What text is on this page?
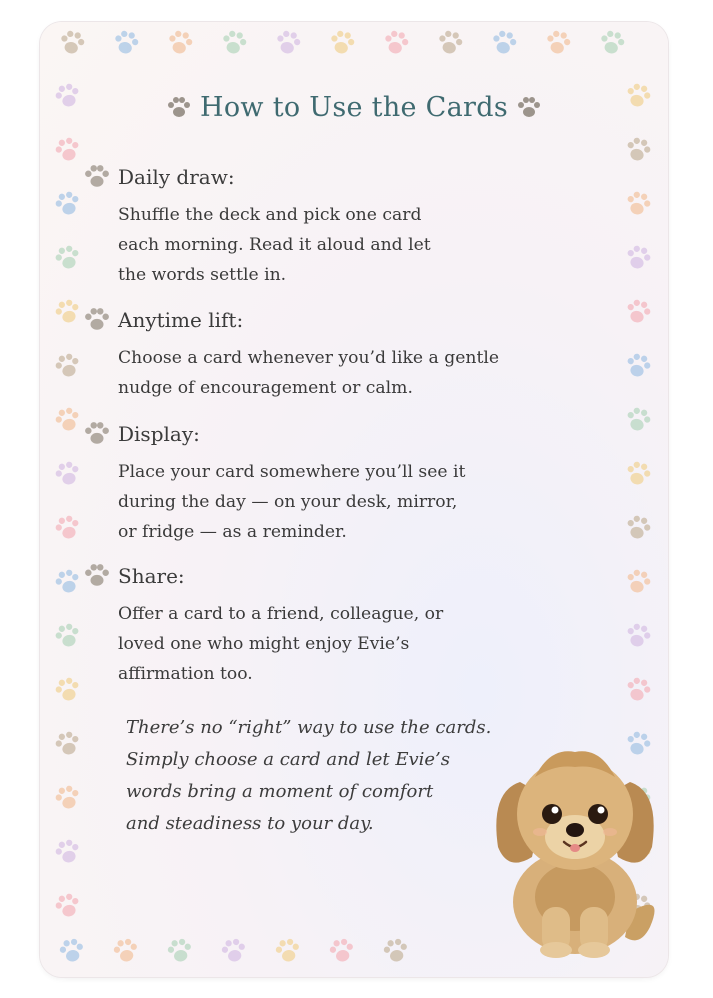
How to Use the Cards
Daily draw:
Shuffle the deck and pick one card
each morning. Read it aloud and let
the words settle in.
Anytime lift:
Choose a card whenever you’d like a gentle
nudge of encouragement or calm.
Display:
Place your card somewhere you’ll see it
during the day — on your desk, mirror,
or fridge — as a reminder.
Share:
Offer a card to a friend, colleague, or
loved one who might enjoy Evie’s
affirmation too.
There’s no “right” way to use the cards.
Simply choose a card and let Evie’s
words bring a moment of comfort
and steadiness to your day.
